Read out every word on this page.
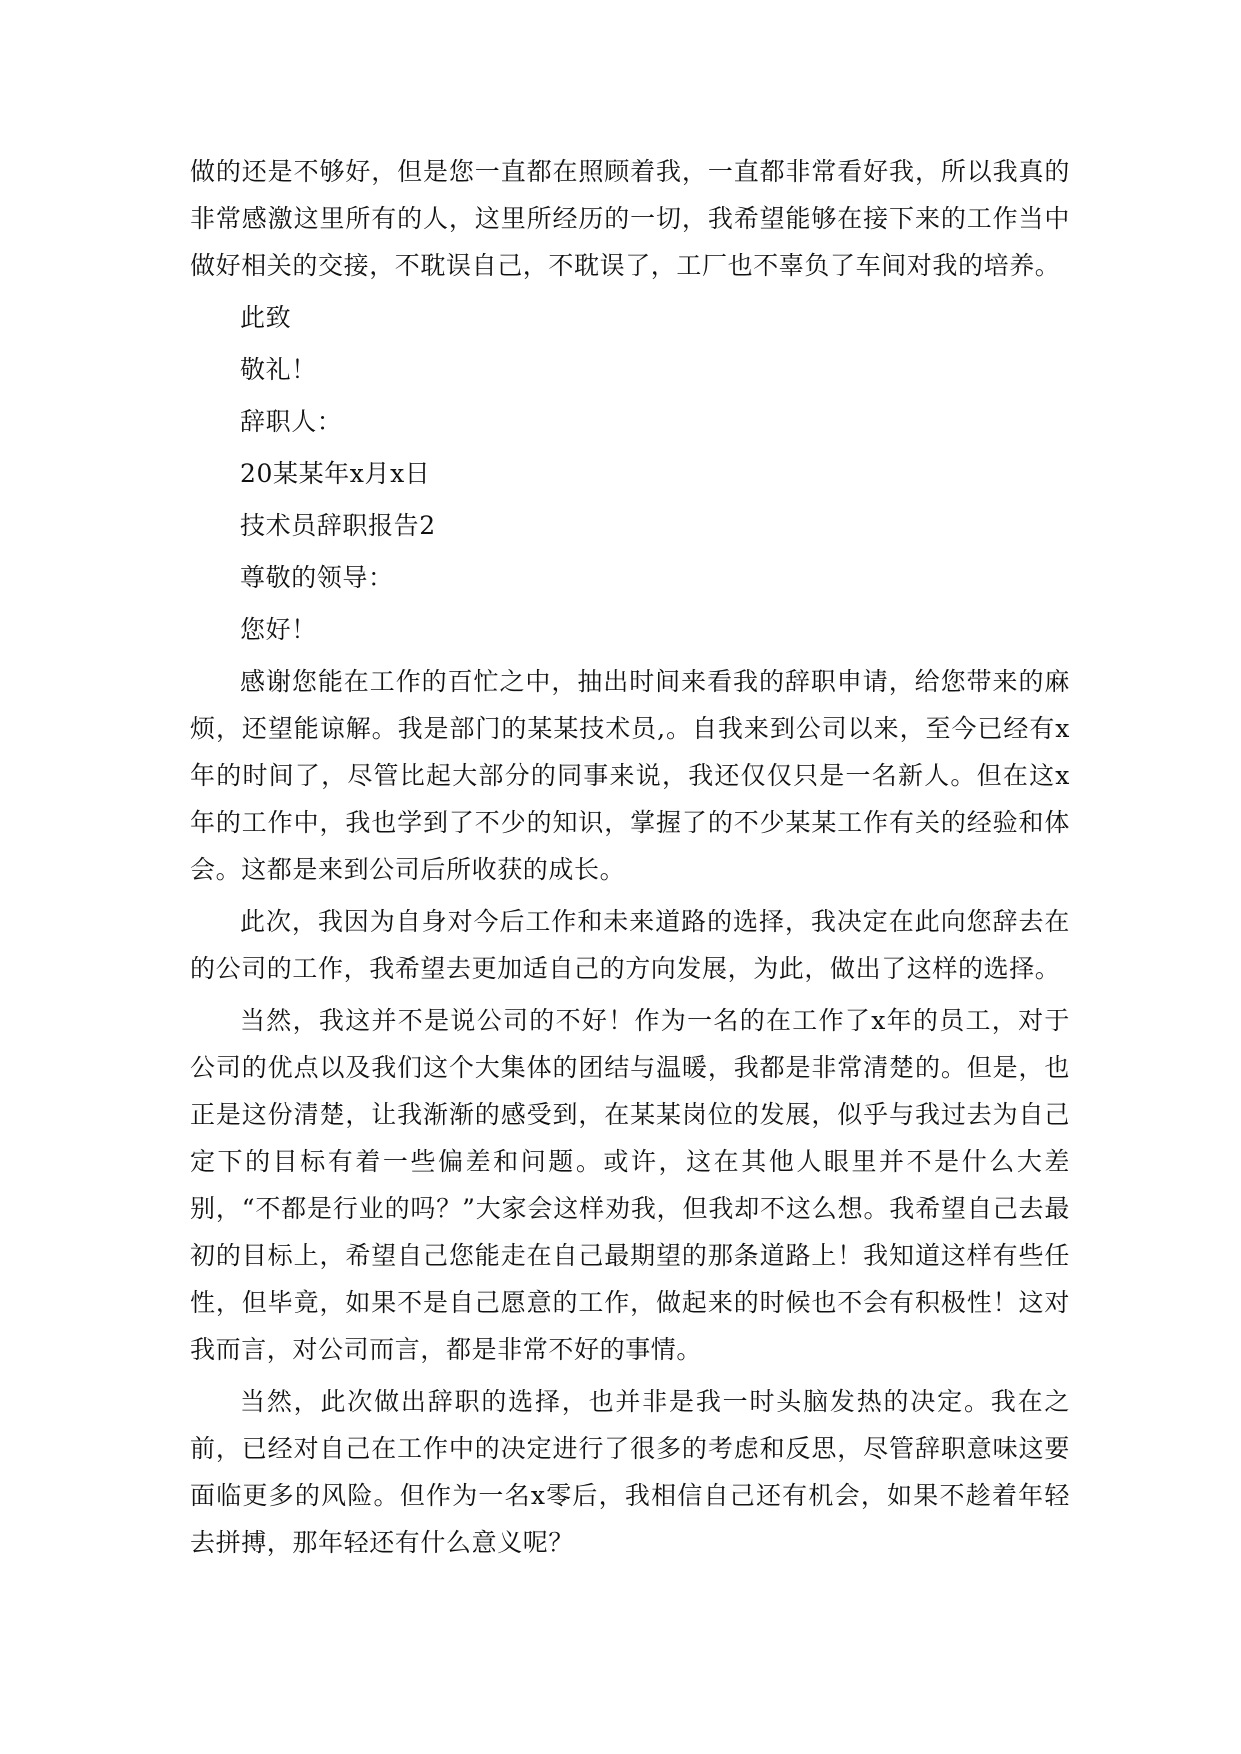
做的还是不够好，但是您一直都在照顾着我，一直都非常看好我，所以我真的非常感激这里所有的人，这里所经历的一切，我希望能够在接下来的工作当中做好相关的交接，不耽误自己，不耽误了，工厂也不辜负了车间对我的培养。

此致

敬礼！

辞职人：

20某某年x月x日

技术员辞职报告2

尊敬的领导：

您好！

感谢您能在工作的百忙之中，抽出时间来看我的辞职申请，给您带来的麻烦，还望能谅解。我是部门的某某技术员,。自我来到公司以来，至今已经有x年的时间了，尽管比起大部分的同事来说，我还仅仅只是一名新人。但在这x年的工作中，我也学到了不少的知识，掌握了的不少某某工作有关的经验和体会。这都是来到公司后所收获的成长。

此次，我因为自身对今后工作和未来道路的选择，我决定在此向您辞去在的公司的工作，我希望去更加适自己的方向发展，为此，做出了这样的选择。

当然，我这并不是说公司的不好！作为一名的在工作了x年的员工，对于公司的优点以及我们这个大集体的团结与温暖，我都是非常清楚的。但是，也正是这份清楚，让我渐渐的感受到，在某某岗位的发展，似乎与我过去为自己定下的目标有着一些偏差和问题。或许，这在其他人眼里并不是什么大差别，“不都是行业的吗？”大家会这样劝我，但我却不这么想。我希望自己去最初的目标上，希望自己您能走在自己最期望的那条道路上！我知道这样有些任性，但毕竟，如果不是自己愿意的工作，做起来的时候也不会有积极性！这对我而言，对公司而言，都是非常不好的事情。

当然，此次做出辞职的选择，也并非是我一时头脑发热的决定。我在之前，已经对自己在工作中的决定进行了很多的考虑和反思，尽管辞职意味这要面临更多的风险。但作为一名x零后，我相信自己还有机会，如果不趁着年轻去拼搏，那年轻还有什么意义呢？
